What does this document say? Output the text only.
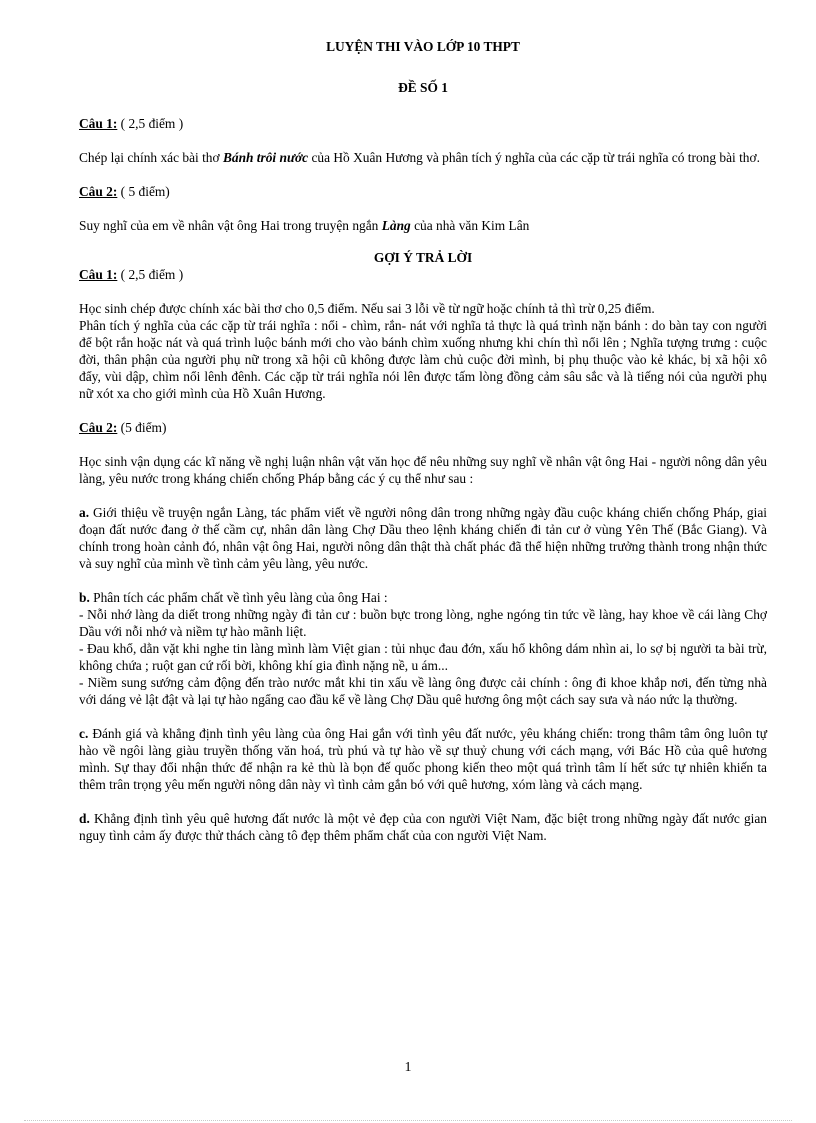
LUYỆN THI VÀO LỚP 10 THPT
ĐỀ SỐ 1

Câu 1: ( 2,5 điểm )

Chép lại chính xác bài thơ Bánh trôi nước của Hồ Xuân Hương và phân tích ý nghĩa của các cặp từ trái nghĩa có trong bài thơ.

Câu 2: ( 5 điểm)

Suy nghĩ của em về nhân vật ông Hai trong truyện ngắn Làng của nhà văn Kim Lân

GỢI Ý TRẢ LỜI

Câu 1: ( 2,5 điểm )

Học sinh chép được chính xác bài thơ cho 0,5 điểm. Nếu sai 3 lỗi về từ ngữ hoặc chính tả thì trừ 0,25 điểm.

Phân tích ý nghĩa của các cặp từ trái nghĩa : nổi - chìm, rắn- nát với nghĩa tả thực là quá trình nặn bánh : do bàn tay con người để bột rắn hoặc nát và quá trình luộc bánh mới cho vào bánh chìm xuống nhưng khi chín thì nổi lên ; Nghĩa tượng trưng : cuộc đời, thân phận của người phụ nữ trong xã hội cũ không được làm chủ cuộc đời mình, bị phụ thuộc vào kẻ khác, bị xã hội xô đẩy, vùi dập, chìm nổi lênh đênh. Các cặp từ trái nghĩa nói lên được tấm lòng đồng cảm sâu sắc và là tiếng nói của người phụ nữ xót xa cho giới mình của Hồ Xuân Hương.

Câu 2: (5 điểm)

Học sinh vận dụng các kĩ năng về nghị luận nhân vật văn học để nêu những suy nghĩ về nhân vật ông Hai - người nông dân yêu làng, yêu nước trong kháng chiến chống Pháp bằng các ý cụ thể như sau :

a. Giới thiệu về truyện ngắn Làng, tác phẩm viết về người nông dân trong những ngày đầu cuộc kháng chiến chống Pháp, giai đoạn đất nước đang ở thế cầm cự, nhân dân làng Chợ Dầu theo lệnh kháng chiến đi tản cư ở vùng Yên Thế (Bắc Giang). Và chính trong hoàn cảnh đó, nhân vật ông Hai, người nông dân thật thà chất phác đã thể hiện những trưởng thành trong nhận thức và suy nghĩ của mình về tình cảm yêu làng, yêu nước.

b. Phân tích các phẩm chất về tình yêu làng của ông Hai :

- Nỗi nhớ làng da diết trong những ngày đi tản cư : buồn bực trong lòng, nghe ngóng tin tức về làng, hay khoe về cái làng Chợ Dầu với nỗi nhớ và niềm tự hào mãnh liệt.

- Đau khổ, dằn vặt khi nghe tin làng mình làm Việt gian : tủi nhục đau đớn, xấu hổ không dám nhìn ai, lo sợ bị người ta bài trừ, không chứa ; ruột gan cứ rối bời, không khí gia đình nặng nề, u ám...

- Niềm sung sướng cảm động đến trào nước mắt khi tin xấu về làng ông được cải chính : ông đi khoe khắp nơi, đến từng nhà với dáng vẻ lật đật và lại tự hào ngẩng cao đầu kể về làng Chợ Dầu quê hương ông một cách say sưa và náo nức lạ thường.

c. Đánh giá và khẳng định tình yêu làng của ông Hai gắn với tình yêu đất nước, yêu kháng chiến: trong thâm tâm ông luôn tự hào về ngôi làng giàu truyền thống văn hoá, trù phú và tự hào về sự thuỷ chung với cách mạng, với Bác Hồ của quê hương mình. Sự thay đổi nhận thức để nhận ra kẻ thù là bọn đế quốc phong kiến theo một quá trình tâm lí hết sức tự nhiên khiến ta thêm trân trọng yêu mến người nông dân này vì tình cảm gắn bó với quê hương, xóm làng và cách mạng.

d. Khẳng định tình yêu quê hương đất nước là một vẻ đẹp của con người Việt Nam, đặc biệt trong những ngày đất nước gian nguy tình cảm ấy được thử thách càng tô đẹp thêm phẩm chất của con người Việt Nam.

1
